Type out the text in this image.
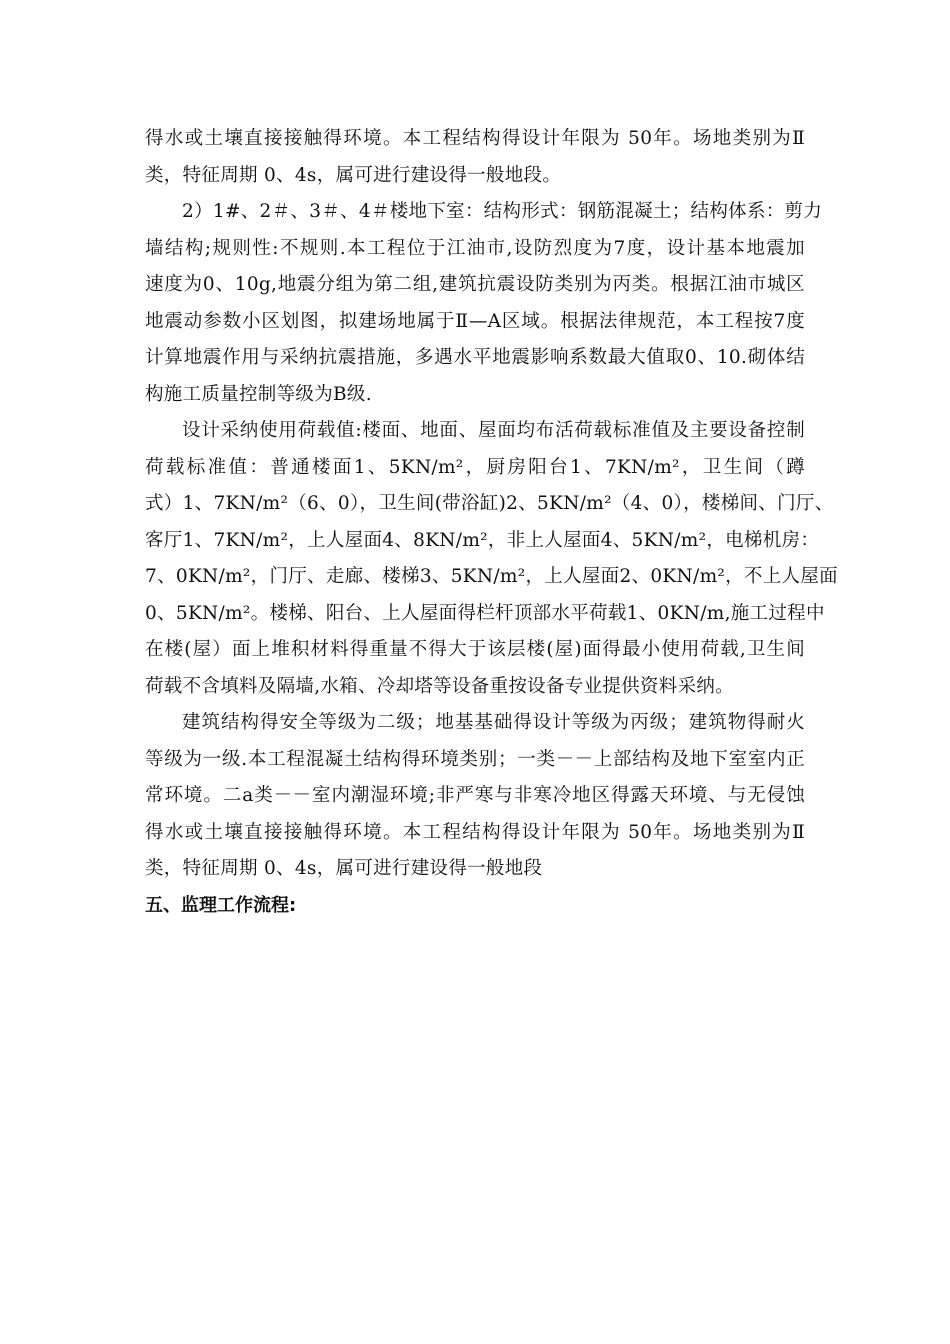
得水或土壤直接接触得环境。本工程结构得设计年限为 50年。场地类别为Ⅱ
类，特征周期 0、4s，属可进行建设得一般地段。
2）1#、2＃、3＃、4＃楼地下室：结构形式：钢筋混凝土；结构体系：剪力
墙结构;规则性:不规则.本工程位于江油市,设防烈度为7度，设计基本地震加
速度为0、10g,地震分组为第二组,建筑抗震设防类别为丙类。根据江油市城区
地震动参数小区划图，拟建场地属于Ⅱ—A区域。根据法律规范，本工程按7度
计算地震作用与采纳抗震措施，多遇水平地震影响系数最大值取0、10.砌体结
构施工质量控制等级为B级.
设计采纳使用荷载值:楼面、地面、屋面均布活荷载标准值及主要设备控制
荷载标准值：普通楼面1、5KN/m²，厨房阳台1、7KN/m²，卫生间（蹲
式）1、7KN/m²（6、0），卫生间(带浴缸)2、5KN/m²（4、0），楼梯间、门厅、
客厅1、7KN/m²，上人屋面4、8KN/m²，非上人屋面4、5KN/m²，电梯机房：
7、0KN/m²，门厅、走廊、楼梯3、5KN/m²，上人屋面2、0KN/m²，不上人屋面
0、5KN/m²。楼梯、阳台、上人屋面得栏杆顶部水平荷载1、0KN/m,施工过程中
在楼(屋）面上堆积材料得重量不得大于该层楼(屋)面得最小使用荷载,卫生间
荷载不含填料及隔墙,水箱、冷却塔等设备重按设备专业提供资料采纳。
建筑结构得安全等级为二级；地基基础得设计等级为丙级；建筑物得耐火
等级为一级.本工程混凝土结构得环境类别；一类－－上部结构及地下室室内正
常环境。二a类－－室内潮湿环境;非严寒与非寒冷地区得露天环境、与无侵蚀
得水或土壤直接接触得环境。本工程结构得设计年限为 50年。场地类别为Ⅱ
类，特征周期 0、4s，属可进行建设得一般地段
五、监理工作流程:
